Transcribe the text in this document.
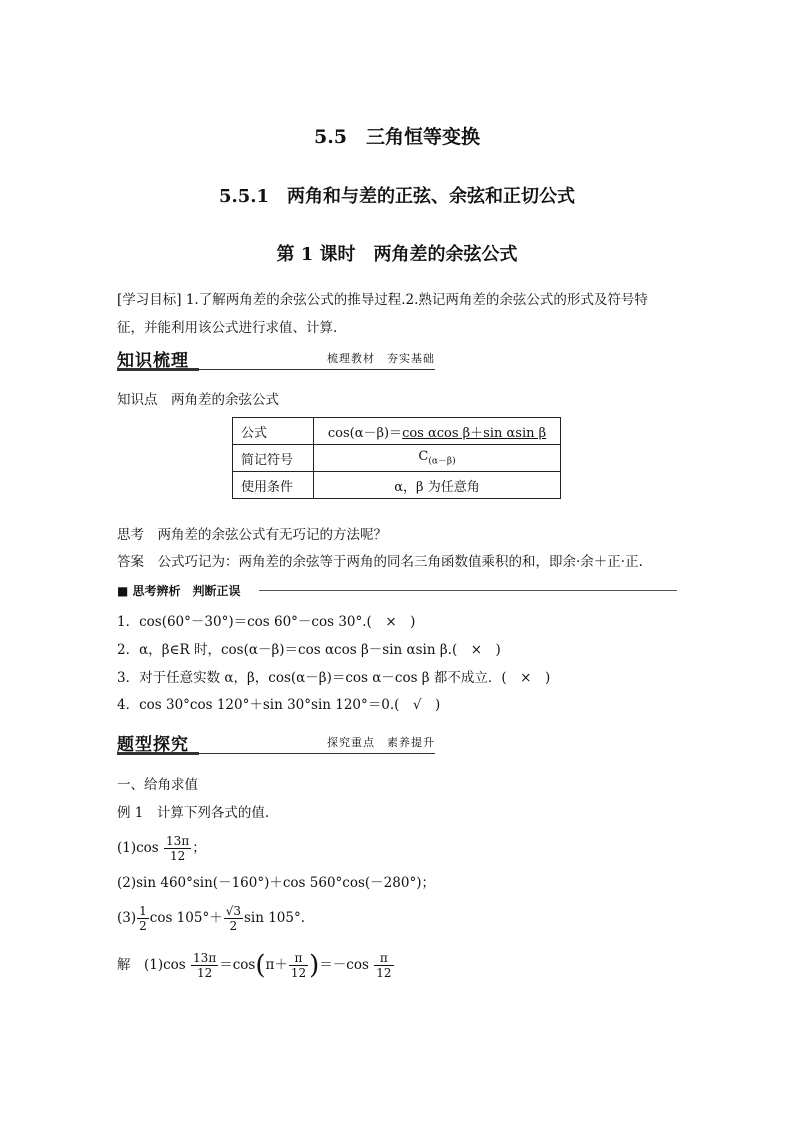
5.5　三角恒等变换
5.5.1　两角和与差的正弦、余弦和正切公式
第 1 课时　两角差的余弦公式
[学习目标] 1.了解两角差的余弦公式的推导过程.2.熟记两角差的余弦公式的形式及符号特
征，并能利用该公式进行求值、计算.
知识梳理	梳理教材　夯实基础
知识点　两角差的余弦公式
公式	cos(α－β)＝cos αcos β＋sin αsin β
简记符号	$C_{(\alpha-\beta)}$
使用条件	α，β 为任意角
思考　两角差的余弦公式有无巧记的方法呢？
答案　公式巧记为：两角差的余弦等于两角的同名三角函数值乘积的和，即余·余＋正·正.
■ 思考辨析　判断正误
1．cos(60°－30°)＝cos 60°－cos 30°.(　×　)
2．α，β∈R 时，cos(α－β)＝cos αcos β－sin αsin β.(　×　)
3．对于任意实数 α，β，cos(α－β)＝cos α－cos β 都不成立．(　×　)
4．cos 30°cos 120°＋sin 30°sin 120°＝0.(　√　)
题型探究	探究重点　素养提升
一、给角求值
例 1　计算下列各式的值.
$(1)\cos \frac{13\pi}{12}$ ；
(2)sin 460°sin(－160°)＋cos 560°cos(－280°)；
$(3) \frac{1}{2}$ $\cos 105^\circ+ \frac{√3}{2}$ sin 105°.
解　$(1)\cos \frac{13\pi}{12} =\cos(\pi+ \frac{\pi}{12} )=-\cos \frac{\pi}{12}$
